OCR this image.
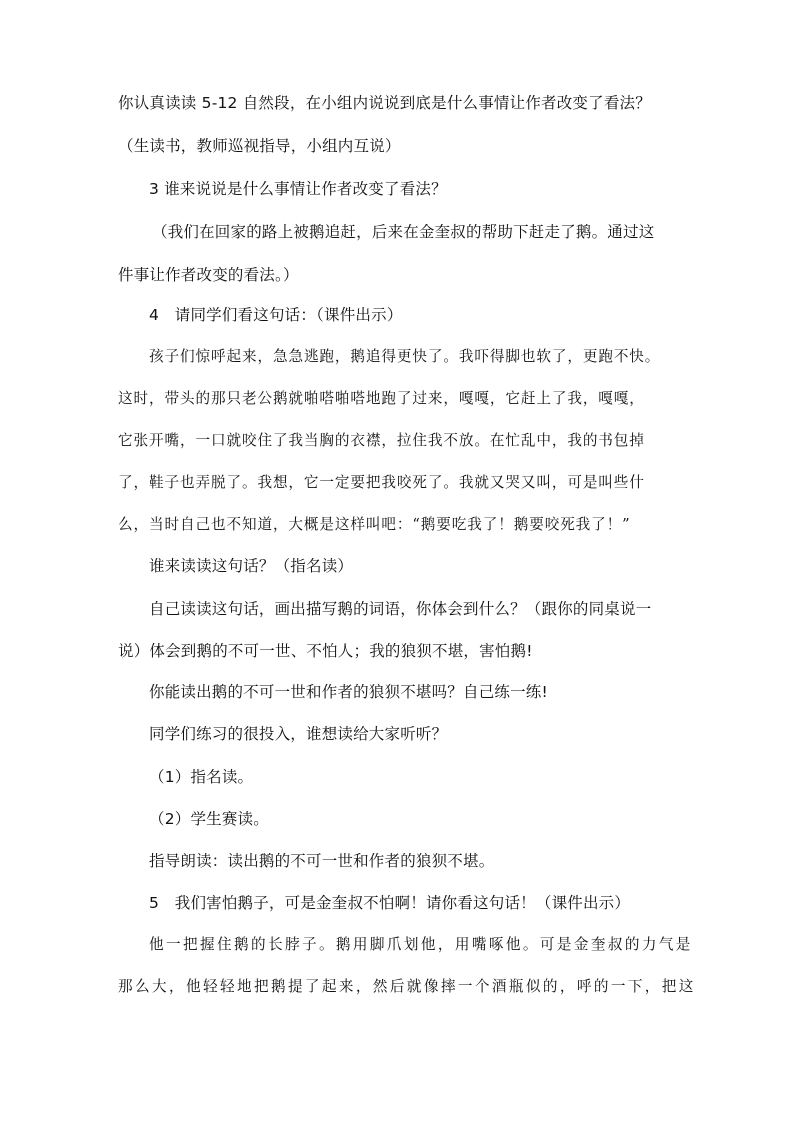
你认真读读 5-12 自然段，在小组内说说到底是什么事情让作者改变了看法？
（生读书，教师巡视指导，小组内互说）
3 谁来说说是什么事情让作者改变了看法？
（我们在回家的路上被鹅追赶，后来在金奎叔的帮助下赶走了鹅。通过这
件事让作者改变的看法。）
4　请同学们看这句话：（课件出示）
孩子们惊呼起来，急急逃跑，鹅追得更快了。我吓得脚也软了，更跑不快。
这时，带头的那只老公鹅就啪嗒啪嗒地跑了过来，嘎嘎，它赶上了我，嘎嘎，
它张开嘴，一口就咬住了我当胸的衣襟，拉住我不放。在忙乱中，我的书包掉
了，鞋子也弄脱了。我想，它一定要把我咬死了。我就又哭又叫，可是叫些什
么，当时自己也不知道，大概是这样叫吧：“鹅要吃我了！鹅要咬死我了！”
谁来读读这句话？（指名读）
自己读读这句话，画出描写鹅的词语，你体会到什么？（跟你的同桌说一
说）体会到鹅的不可一世、不怕人；我的狼狈不堪，害怕鹅!
你能读出鹅的不可一世和作者的狼狈不堪吗？自己练一练!
同学们练习的很投入，谁想读给大家听听？
（1）指名读。
（2）学生赛读。
指导朗读：读出鹅的不可一世和作者的狼狈不堪。
5　我们害怕鹅子，可是金奎叔不怕啊！请你看这句话！（课件出示）
他一把握住鹅的长脖子。鹅用脚爪划他，用嘴啄他。可是金奎叔的力气是
那么大，他轻轻地把鹅提了起来，然后就像摔一个酒瓶似的，呼的一下，把这
